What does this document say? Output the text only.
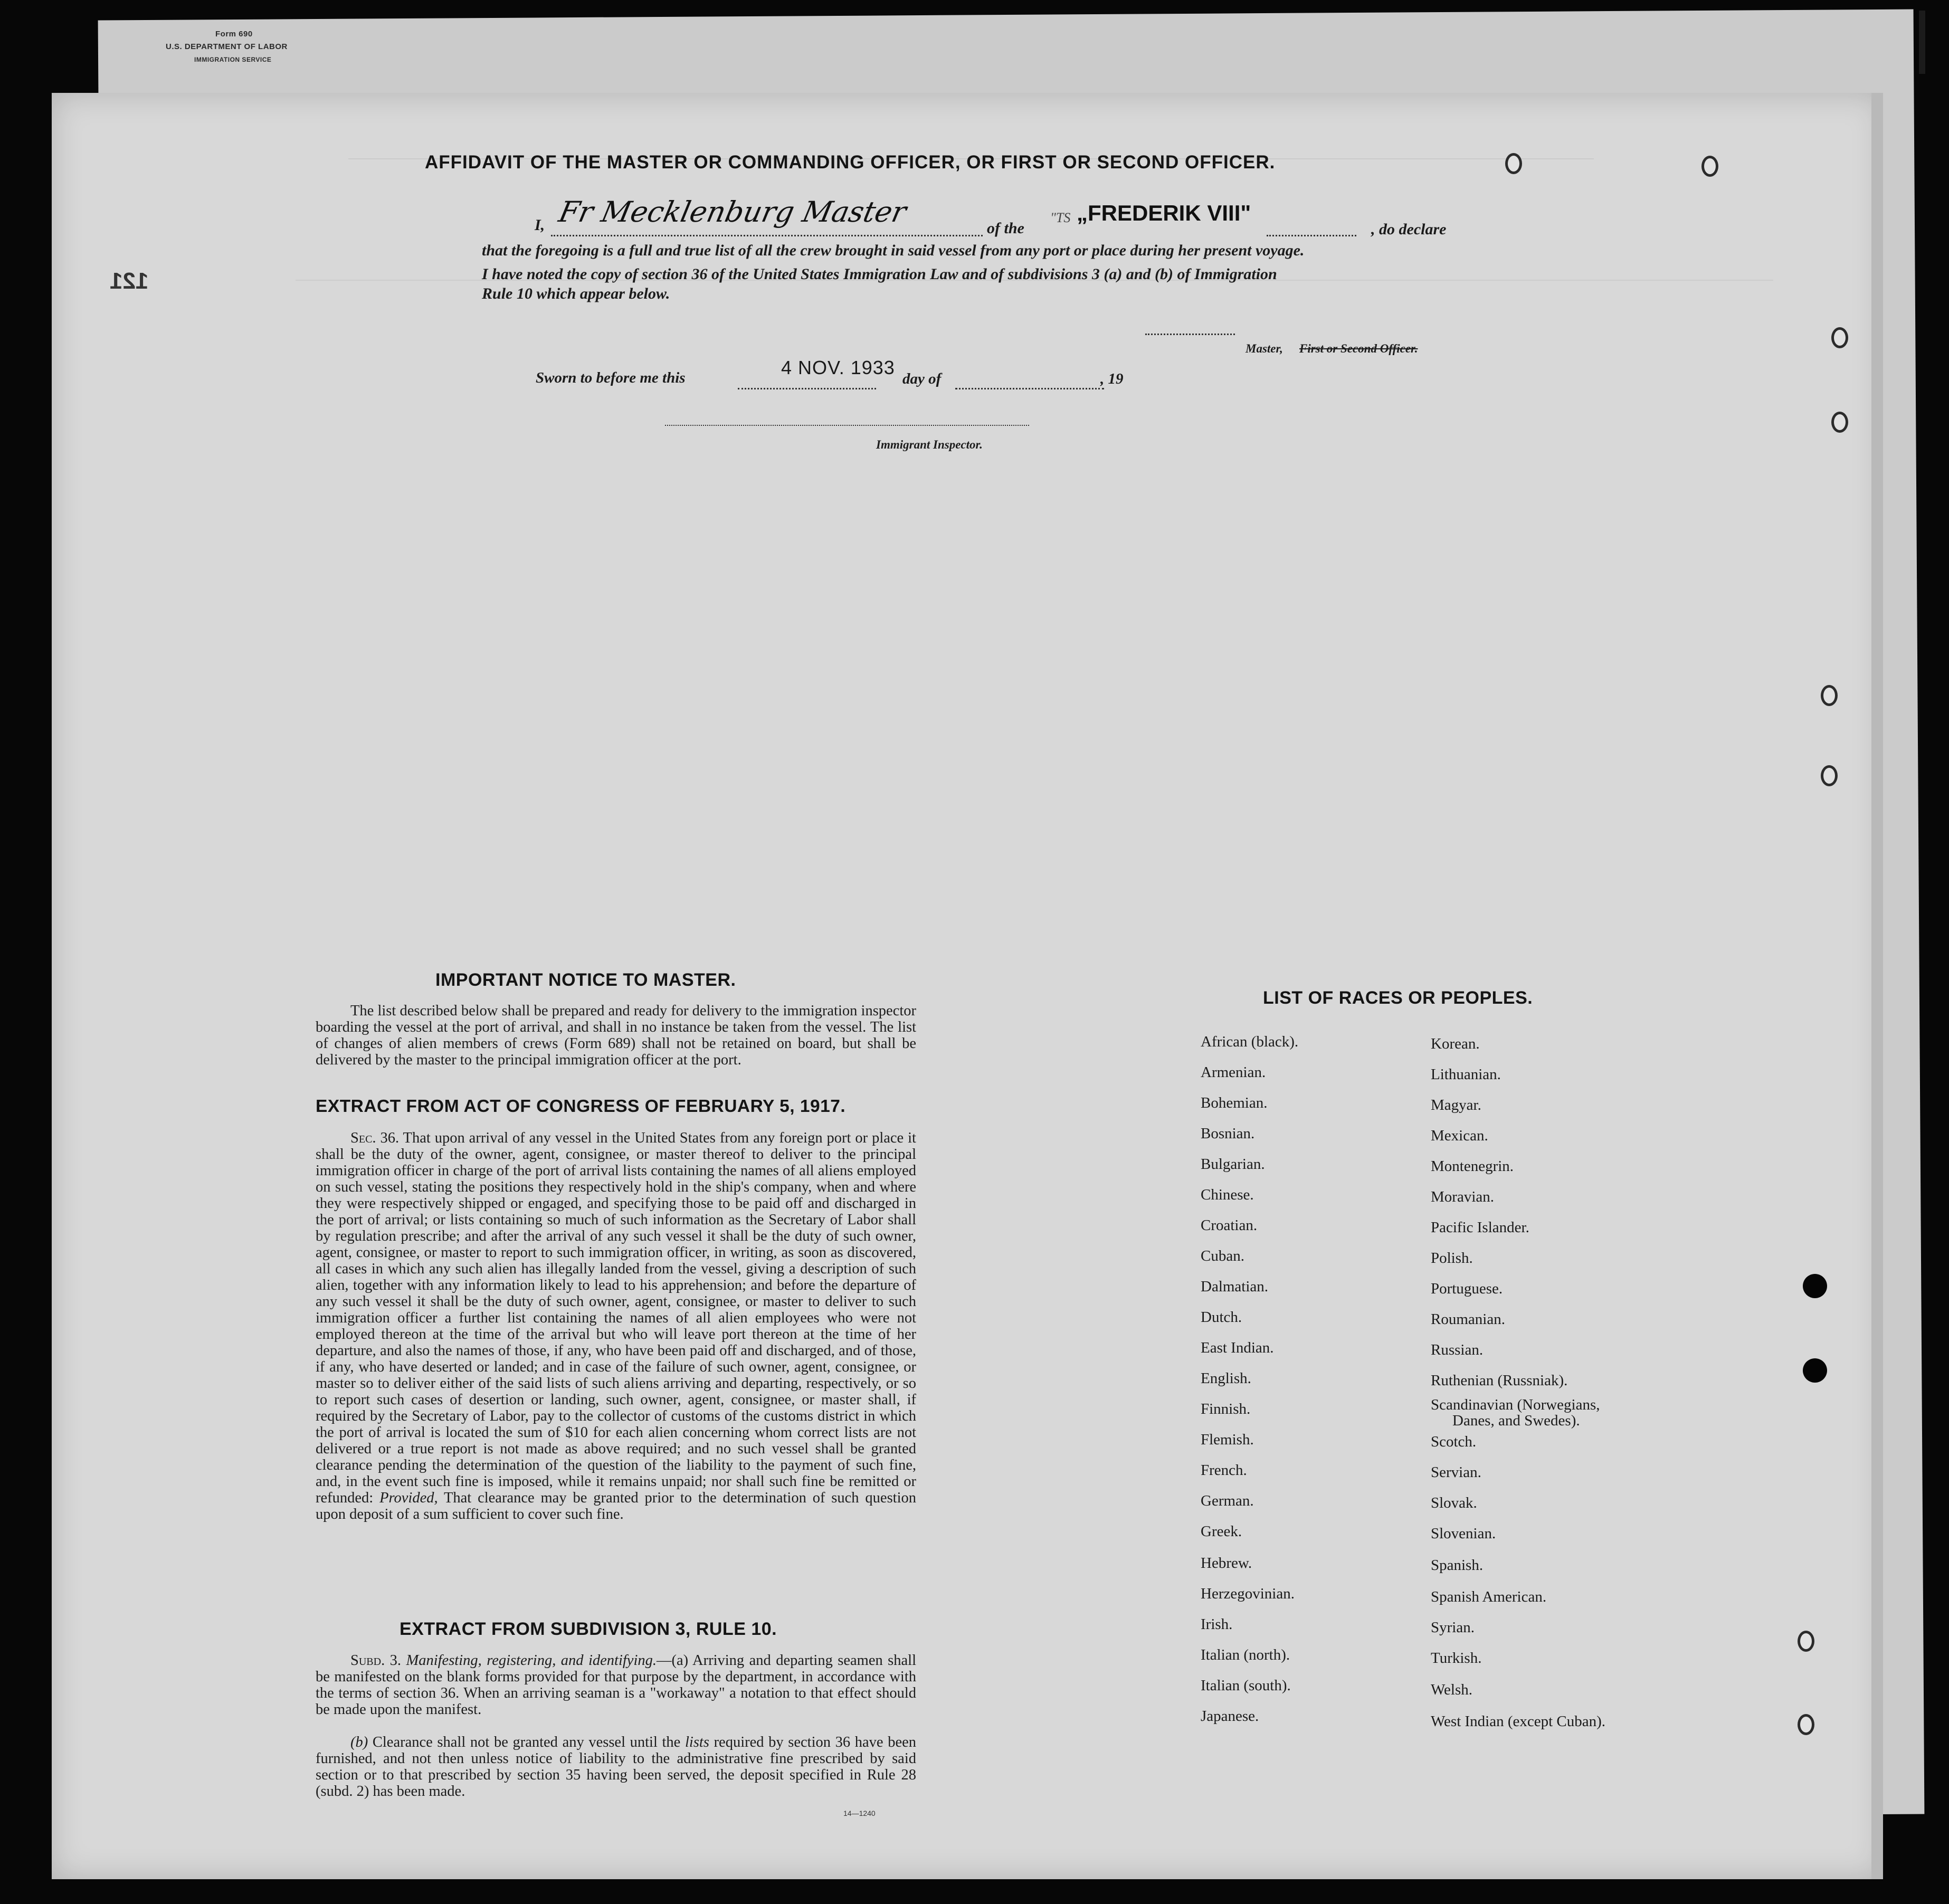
Form 690
U.S. DEPARTMENT OF LABOR
IMMIGRATION SERVICE
121
AFFIDAVIT OF THE MASTER OR COMMANDING OFFICER, OR FIRST OR SECOND OFFICER.
I, Fr Mecklenburg Master	of the
"TS „FREDERIK VIII"
, do declare
that the foregoing is a full and true list of all the crew brought in said vessel from any port or place during her present voyage.
I have noted the copy of section 36 of the United States Immigration Law and of subdivisions 3 (a) and (b) of Immigration
Rule 10 which appear below.
Master, First or Second Officer.
Sworn to before me this	4 NOV. 1933
day of	, 19
Immigrant Inspector.
IMPORTANT NOTICE TO MASTER.
The list described below shall be prepared and ready for delivery to the immigration inspector boarding the vessel at the port of arrival, and shall in no instance be taken from the vessel. The list of changes of alien members of crews (Form 689) shall not be retained on board, but shall be delivered by the master to the principal immigration officer at the port.
EXTRACT FROM ACT OF CONGRESS OF FEBRUARY 5, 1917.
Sec. 36. That upon arrival of any vessel in the United States from any foreign port or place it shall be the duty of the owner, agent, consignee, or master thereof to deliver to the principal immigration officer in charge of the port of arrival lists containing the names of all aliens employed on such vessel, stating the positions they respectively hold in the ship's company, when and where they were respectively shipped or engaged, and specifying those to be paid off and discharged in the port of arrival; or lists containing so much of such information as the Secretary of Labor shall by regulation prescribe; and after the arrival of any such vessel it shall be the duty of such owner, agent, consignee, or master to report to such immigration officer, in writing, as soon as discovered, all cases in which any such alien has illegally landed from the vessel, giving a description of such alien, together with any information likely to lead to his apprehension; and before the departure of any such vessel it shall be the duty of such owner, agent, consignee, or master to deliver to such immigration officer a further list containing the names of all alien employees who were not employed thereon at the time of the arrival but who will leave port thereon at the time of her departure, and also the names of those, if any, who have been paid off and discharged, and of those, if any, who have deserted or landed; and in case of the failure of such owner, agent, consignee, or master so to deliver either of the said lists of such aliens arriving and departing, respectively, or so to report such cases of desertion or landing, such owner, agent, consignee, or master shall, if required by the Secretary of Labor, pay to the collector of customs of the customs district in which the port of arrival is located the sum of $10 for each alien concerning whom correct lists are not delivered or a true report is not made as above required; and no such vessel shall be granted clearance pending the determination of the question of the liability to the payment of such fine, and, in the event such fine is imposed, while it remains unpaid; nor shall such fine be remitted or refunded: Provided, That clearance may be granted prior to the determination of such question upon deposit of a sum sufficient to cover such fine.
EXTRACT FROM SUBDIVISION 3, RULE 10.
Subd. 3. Manifesting, registering, and identifying.—(a) Arriving and departing seamen shall be manifested on the blank forms provided for that purpose by the department, in accordance with the terms of section 36. When an arriving seaman is a "workaway" a notation to that effect should be made upon the manifest.
(b) Clearance shall not be granted any vessel until the lists required by section 36 have been furnished, and not then unless notice of liability to the administrative fine prescribed by said section or to that prescribed by section 35 having been served, the deposit specified in Rule 28 (subd. 2) has been made.
14—1240
LIST OF RACES OR PEOPLES.
African (black).
Armenian.
Bohemian.
Bosnian.
Bulgarian.
Chinese.
Croatian.
Cuban.
Dalmatian.
Dutch.
East Indian.
English.
Finnish.
Flemish.
French.
German.
Greek.
Hebrew.
Herzegovinian.
Irish.
Italian (north).
Italian (south).
Japanese.
Korean.
Lithuanian.
Magyar.
Mexican.
Montenegrin.
Moravian.
Pacific Islander.
Polish.
Portuguese.
Roumanian.
Russian.
Ruthenian (Russniak).
Scandinavian (Norwegians,
Danes, and Swedes).
Scotch.
Servian.
Slovak.
Slovenian.
Spanish.
Spanish American.
Syrian.
Turkish.
Welsh.
West Indian (except Cuban).
